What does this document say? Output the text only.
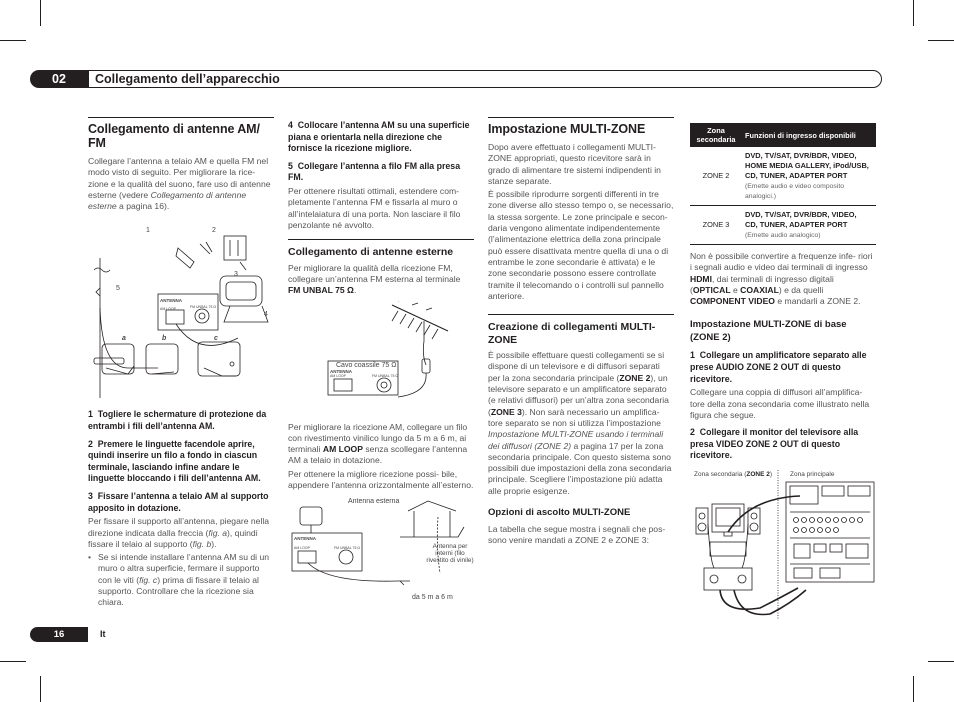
02	Collegamento dell’apparecchio
Collegamento di antenne AM/ FM

Collegare l’antenna a telaio AM e quella FM nel modo visto di seguito. Per migliorare la rice- zione e la qualità del suono, fare uso di antenne esterne (vedere Collegamento di antenne esterne a pagina 16).

1	2
3
4
5
ANTENNA
AM LOOP	FM UNBAL 75 Ω
a	b	c

1 Togliere le schermature di protezione da entrambi i fili dell’antenna AM.

2 Premere le linguette facendole aprire, quindi inserire un filo a fondo in ciascun terminale, lasciando infine andare le linguette bloccando i fili dell’antenna AM.

3 Fissare l’antenna a telaio AM al supporto apposito in dotazione.

Per fissare il supporto all’antenna, piegare nella direzione indicata dalla freccia (fig. a), quindi fissare il telaio al supporto (fig. b).

• Se si intende installare l’antenna AM su di un muro o altra superficie, fermare il supporto con le viti (fig. c) prima di fissare il telaio al supporto. Controllare che la ricezione sia chiara.

4 Collocare l’antenna AM su una superficie piana e orientarla nella direzione che fornisce la ricezione migliore.

5 Collegare l’antenna a filo FM alla presa FM.

Per ottenere risultati ottimali, estendere com- pletamente l’antenna FM e fissarla al muro o all’intelaiatura di una porta. Non lasciare il filo penzolante né avvolto.

Collegamento di antenne esterne

Per migliorare la qualità della ricezione FM, collegare un’antenna FM esterna al terminale FM UNBAL 75 Ω.

Cavo coassile 75 Ω
ANTENNA
AM LOOP	FM UNBAL 75 Ω

Per migliorare la ricezione AM, collegare un filo con rivestimento vinilico lungo da 5 m a 6 m, ai terminali AM LOOP senza scollegare l’antenna AM a telaio in dotazione.

Per ottenere la migliore ricezione possi- bile, appendere l’antenna orizzontalmente all’esterno.

Antenna esterna
ANTENNA
AM LOOP	FM UNBAL 75 Ω	Antenna per interni (filo rivestito di vinile)
da 5 m a 6 m
Impostazione MULTI-ZONE

Dopo avere effettuato i collegamenti MULTI- ZONE appropriati, questo ricevitore sarà in grado di alimentare tre sistemi indipendenti in stanze separate.

È possibile riprodurre sorgenti differenti in tre zone diverse allo stesso tempo o, se necessario, la stessa sorgente. Le zone principale e secon- daria vengono alimentate indipendentemente (l’alimentazione elettrica della zona principale può essere disattivata mentre quella di una o di entrambe le zone secondarie è attivata) e le zone secondarie possono essere controllate tramite il telecomando o i controlli sul pannello anteriore.

Creazione di collegamenti MULTI-ZONE

È possibile effettuare questi collegamenti se si dispone di un televisore e di diffusori separati per la zona secondaria principale (ZONE 2), un televisore separato e un amplificatore separato (e relativi diffusori) per un’altra zona secondaria (ZONE 3). Non sarà necessario un amplifica- tore separato se non si utilizza l’impostazione Impostazione MULTI-ZONE usando i terminali dei diffusori (ZONE 2) a pagina 17 per la zona secondaria principale. Con questo sistema sono possibili due impostazioni della zona secondaria principale. Scegliere l’impostazione più adatta alle proprie esigenze.

Opzioni di ascolto MULTI-ZONE

La tabella che segue mostra i segnali che pos- sono venire mandati a ZONE 2 e ZONE 3:

Zona secondaria	Funzioni di ingresso disponibili
ZONE 2	DVD, TV/SAT, DVR/BDR, VIDEO,
HOME MEDIA GALLERY, iPod/USB,
CD, TUNER, ADAPTER PORT
(Emette audio e video composito analogici.)
ZONE 3	DVD, TV/SAT, DVR/BDR, VIDEO,
CD, TUNER, ADAPTER PORT
(Emette audio analogico)

Non è possibile convertire a frequenze infe- riori i segnali audio e video dai terminali di ingresso HDMI, dai terminali di ingresso digitali (OPTICAL e COAXIAL) e da quelli COMPONENT VIDEO e mandarli a ZONE 2.

Impostazione MULTI-ZONE di base (ZONE 2)

1 Collegare un amplificatore separato alle prese AUDIO ZONE 2 OUT di questo ricevitore.

Collegare una coppia di diffusori all’amplifica- tore della zona secondaria come illustrato nella figura che segue.

2 Collegare il monitor del televisore alla presa VIDEO ZONE 2 OUT di questo ricevitore.

Zona secondaria (ZONE 2)	Zona principale
16	It
